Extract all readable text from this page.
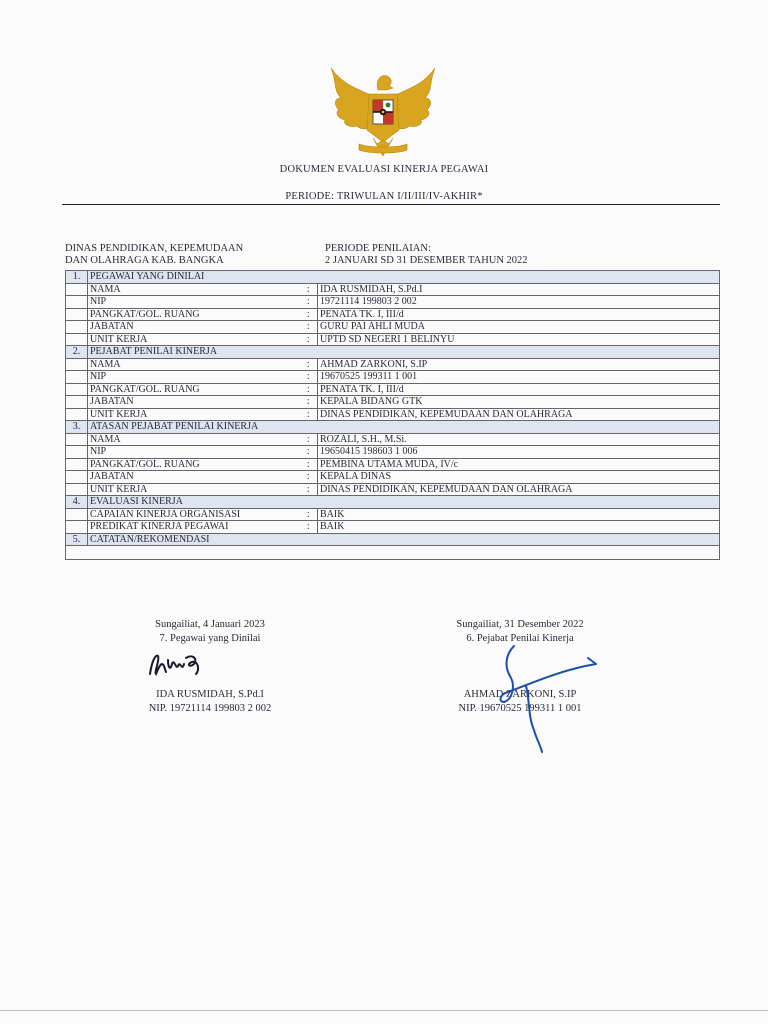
DOKUMEN EVALUASI KINERJA PEGAWAI
PERIODE: TRIWULAN I/II/III/IV-AKHIR*
DINAS PENDIDIKAN, KEPEMUDAAN
DAN OLAHRAGA KAB. BANGKA
PERIODE PENILAIAN:
2 JANUARI SD 31 DESEMBER TAHUN 2022
1.	PEGAWAI YANG DINILAI		
	NAMA	:	IDA RUSMIDAH, S.Pd.I
	NIP	:	19721114 199803 2 002
	PANGKAT/GOL. RUANG	:	PENATA TK. I, III/d
	JABATAN	:	GURU PAI AHLI MUDA
	UNIT KERJA	:	UPTD SD NEGERI 1 BELINYU
2.	PEJABAT PENILAI KINERJA		
	NAMA	:	AHMAD ZARKONI, S.IP
	NIP	:	19670525 199311 1 001
	PANGKAT/GOL. RUANG	:	PENATA TK. I, III/d
	JABATAN	:	KEPALA BIDANG GTK
	UNIT KERJA	:	DINAS PENDIDIKAN, KEPEMUDAAN DAN OLAHRAGA
3.	ATASAN PEJABAT PENILAI KINERJA		
	NAMA	:	ROZALI, S.H., M.Si.
	NIP	:	19650415 198603 1 006
	PANGKAT/GOL. RUANG	:	PEMBINA UTAMA MUDA, IV/c
	JABATAN	:	KEPALA DINAS
	UNIT KERJA	:	DINAS PENDIDIKAN, KEPEMUDAAN DAN OLAHRAGA
4.	EVALUASI KINERJA		
	CAPAIAN KINERJA ORGANISASI	:	BAIK
	PREDIKAT KINERJA PEGAWAI	:	BAIK
5.	CATATAN/REKOMENDASI		

Sungailiat, 4 Januari 2023
7. Pegawai yang Dinilai
IDA RUSMIDAH, S.Pd.I
NIP. 19721114 199803 2 002
Sungailiat, 31 Desember 2022
6. Pejabat Penilai Kinerja
AHMAD ZARKONI, S.IP
NIP. 19670525 199311 1 001
